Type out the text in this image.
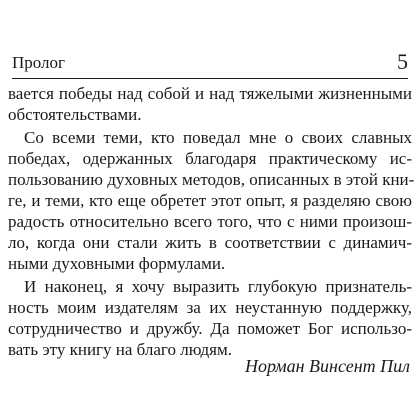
Пролог	5
вается победы над собой и над тяжелыми жизненными
обстоятельствами.
Со всеми теми, кто поведал мне о своих славных
победах, одержанных благодаря практическому ис-
пользованию духовных методов, описанных в этой кни-
ге, и теми, кто еще обретет этот опыт, я разделяю свою
радость относительно всего того, что с ними произош-
ло, когда они стали жить в соответствии с динамич-
ными духовными формулами.
И наконец, я хочу выразить глубокую признатель-
ность моим издателям за их неустанную поддержку,
сотрудничество и дружбу. Да поможет Бог использо-
вать эту книгу на благо людям.
Норман Винсент Пил
